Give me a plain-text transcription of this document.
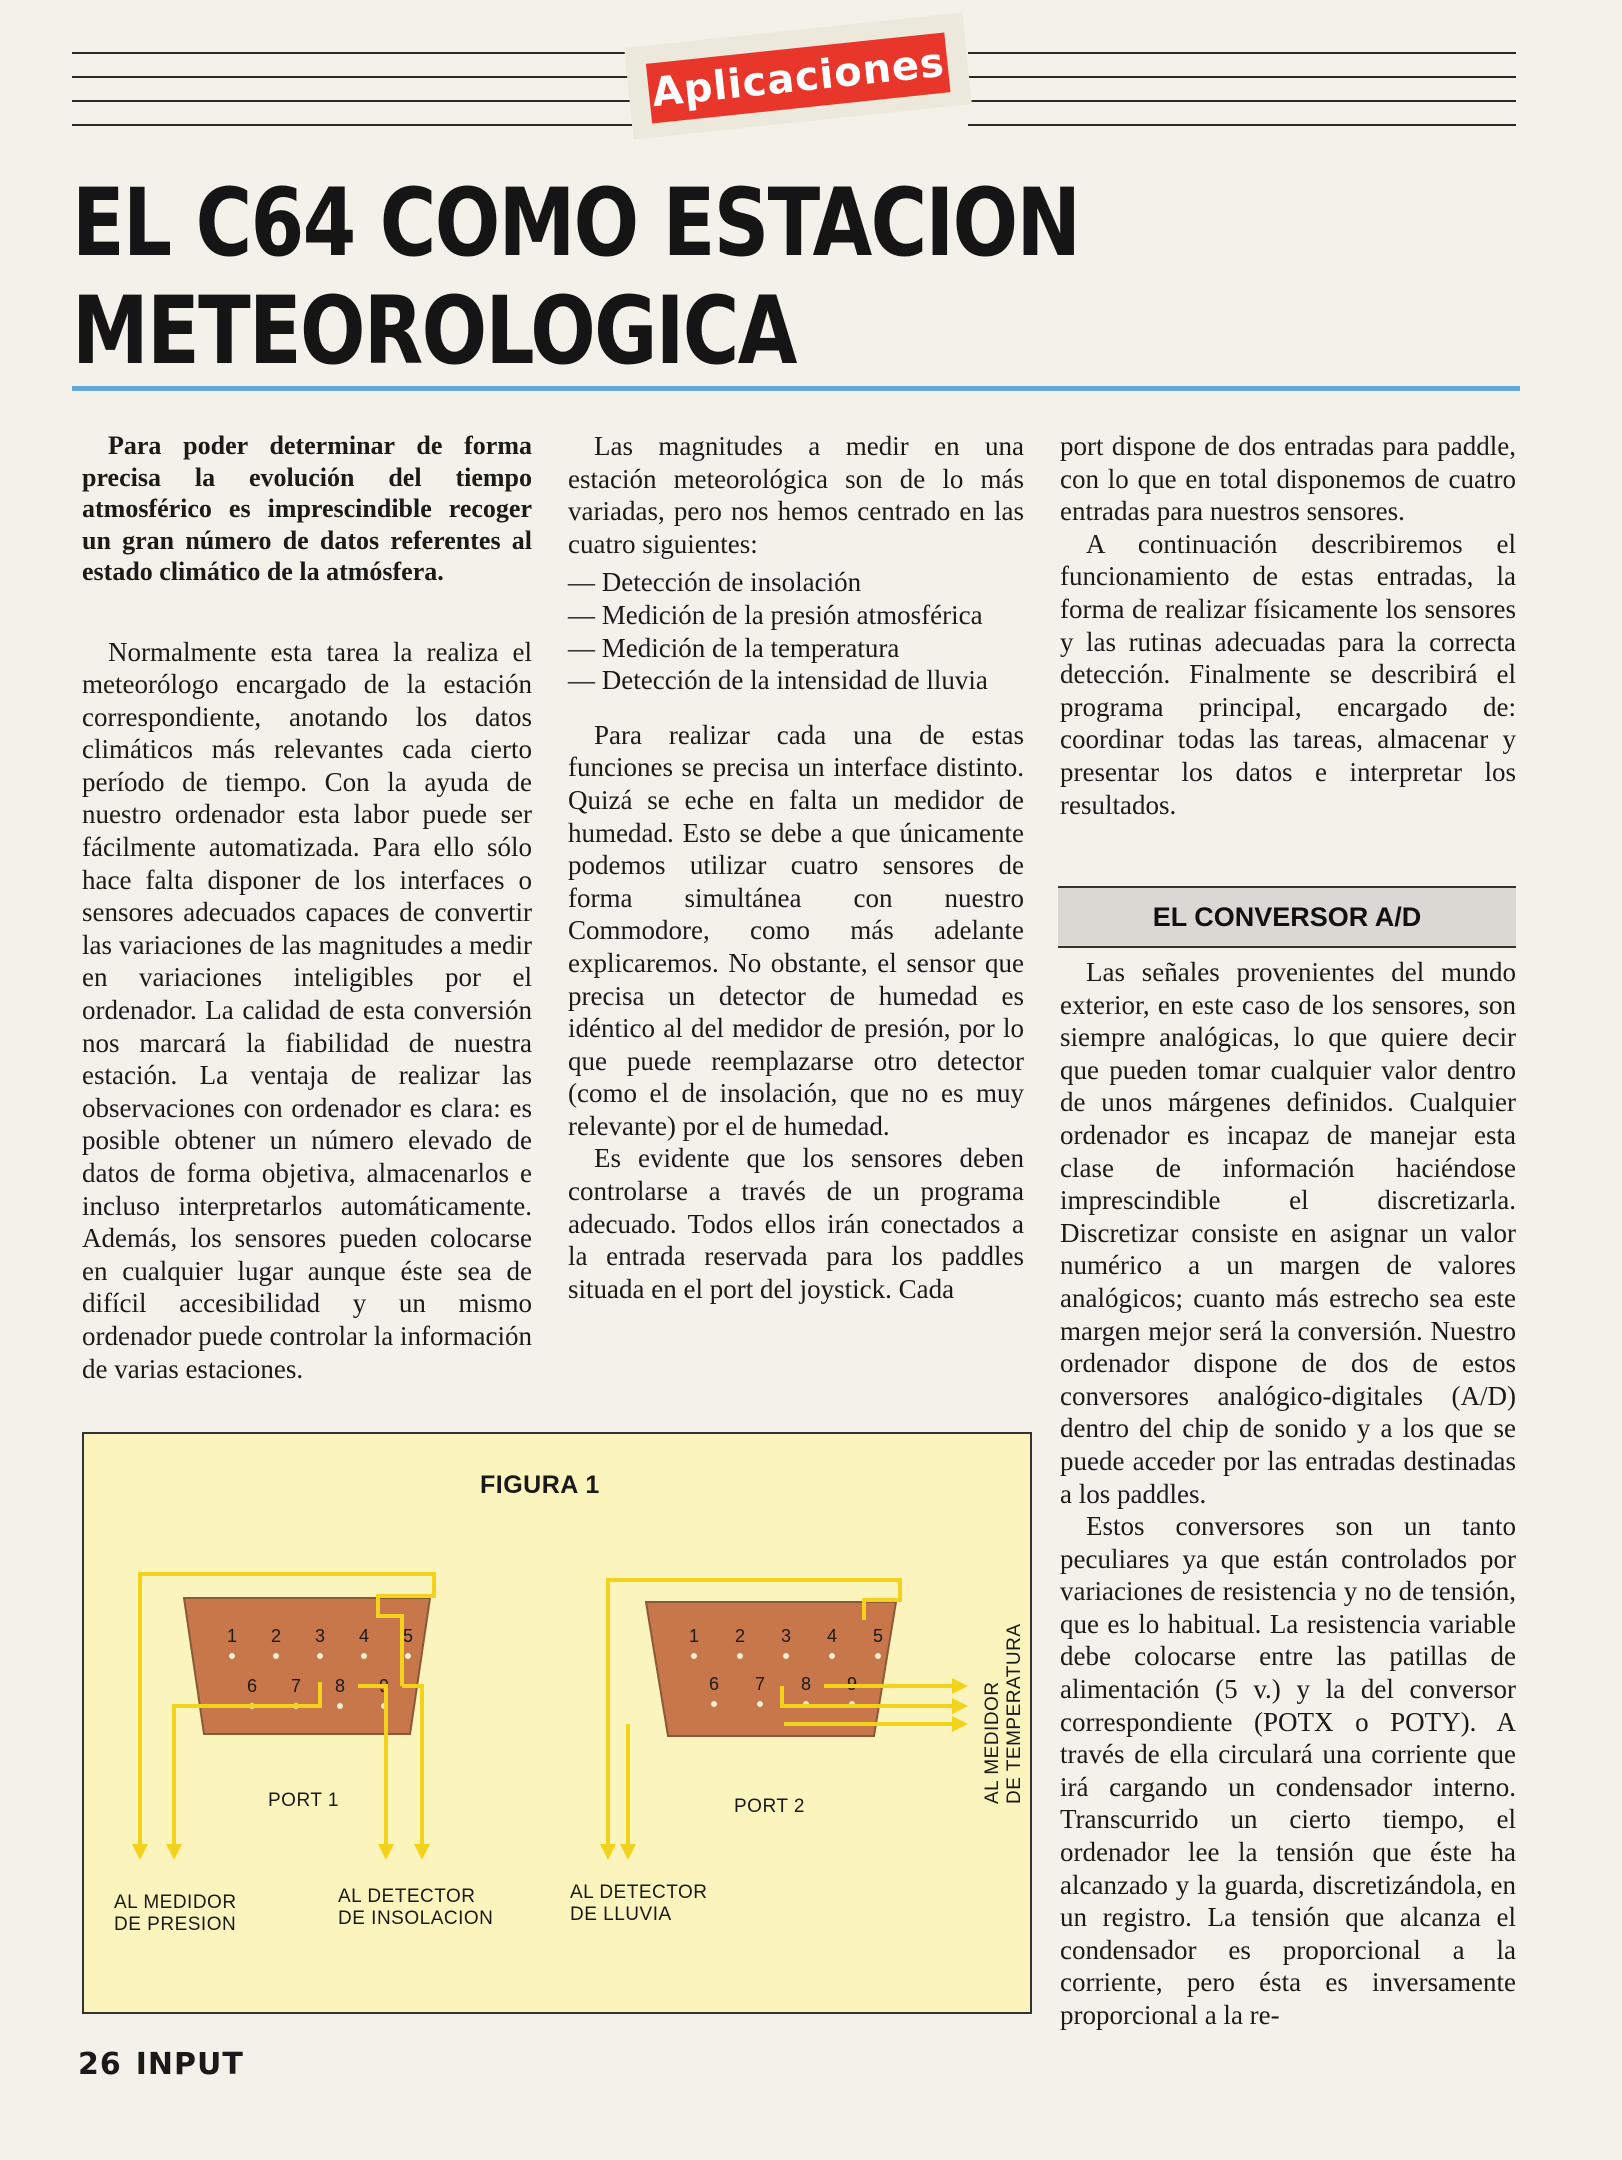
Aplicaciones
EL C64 COMO ESTACION
METEOROLOGICA

Para poder determinar de forma precisa la evolución del tiempo atmosférico es imprescindible recoger un gran número de datos referentes al estado climático de la atmósfera.

Normalmente esta tarea la realiza el meteorólogo encargado de la estación correspondiente, anotando los datos climáticos más relevantes cada cierto período de tiempo. Con la ayuda de nuestro ordenador esta labor puede ser fácilmente automatizada. Para ello sólo hace falta disponer de los interfaces o sensores adecuados capaces de convertir las variaciones de las magnitudes a medir en variaciones inteligibles por el ordenador. La calidad de esta conversión nos marcará la fiabilidad de nuestra estación. La ventaja de realizar las observaciones con ordenador es clara: es posible obtener un número elevado de datos de forma objetiva, almacenarlos e incluso interpretarlos automáticamente. Además, los sensores pueden colocarse en cualquier lugar aunque éste sea de difícil accesibilidad y un mismo ordenador puede controlar la información de varias estaciones.

Las magnitudes a medir en una estación meteorológica son de lo más variadas, pero nos hemos centrado en las cuatro siguientes:

— Detección de insolación
— Medición de la presión atmosférica
— Medición de la temperatura
— Detección de la intensidad de lluvia

Para realizar cada una de estas funciones se precisa un interface distinto. Quizá se eche en falta un medidor de humedad. Esto se debe a que únicamente podemos utilizar cuatro sensores de forma simultánea con nuestro Commodore, como más adelante explicaremos. No obstante, el sensor que precisa un detector de humedad es idéntico al del medidor de presión, por lo que puede reemplazarse otro detector (como el de insolación, que no es muy relevante) por el de humedad.

Es evidente que los sensores deben controlarse a través de un programa adecuado. Todos ellos irán conectados a la entrada reservada para los paddles situada en el port del joystick. Cada

port dispone de dos entradas para paddle, con lo que en total disponemos de cuatro entradas para nuestros sensores.

A continuación describiremos el funcionamiento de estas entradas, la forma de realizar físicamente los sensores y las rutinas adecuadas para la correcta detección. Finalmente se describirá el programa principal, encargado de: coordinar todas las tareas, almacenar y presentar los datos e interpretar los resultados.

EL CONVERSOR A/D

Las señales provenientes del mundo exterior, en este caso de los sensores, son siempre analógicas, lo que quiere decir que pueden tomar cualquier valor dentro de unos márgenes definidos. Cualquier ordenador es incapaz de manejar esta clase de información haciéndose imprescindible el discretizarla. Discretizar consiste en asignar un valor numérico a un margen de valores analógicos; cuanto más estrecho sea este margen mejor será la conversión. Nuestro ordenador dispone de dos de estos conversores analógico-digitales (A/D) dentro del chip de sonido y a los que se puede acceder por las entradas destinadas a los paddles.

Estos conversores son un tanto peculiares ya que están controlados por variaciones de resistencia y no de tensión, que es lo habitual. La resistencia variable debe colocarse entre las patillas de alimentación (5 v.) y la del conversor correspondiente (POTX o POTY). A través de ella circulará una corriente que irá cargando un condensador interno. Transcurrido un cierto tiempo, el ordenador lee la tensión que éste ha alcanzado y la guarda, discretizándola, en un registro. La tensión que alcanza el condensador es proporcional a la corriente, pero ésta es inversamente proporcional a la re-

FIGURA 1
1 2 3 4 5
6 7 8 9
1 2 3 4 5
6 7 8 9
PORT 1	PORT 2
AL MEDIDOR
DE PRESION
AL DETECTOR
DE INSOLACION
AL DETECTOR
DE LLUVIA
AL MEDIDOR
DE TEMPERATURA
26 INPUT
